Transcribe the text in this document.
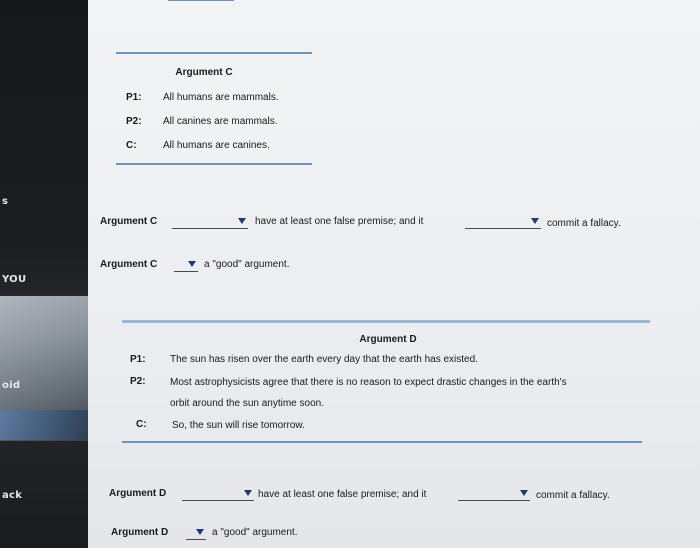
s
YOU
oid
ack
Argument C
P1: All humans are mammals.
P2: All canines are mammals.
C:	All humans are canines.
Argument C	have at least one false premise; and it	commit a fallacy.
Argument C	a "good" argument.
Argument D
P1: The sun has risen over the earth every day that the earth has existed.
P2: Most astrophysicists agree that there is no reason to expect drastic changes in the earth's
orbit around the sun anytime soon.
C:	So, the sun will rise tomorrow.
Argument D	have at least one false premise; and it	commit a fallacy.
Argument D	a "good" argument.
